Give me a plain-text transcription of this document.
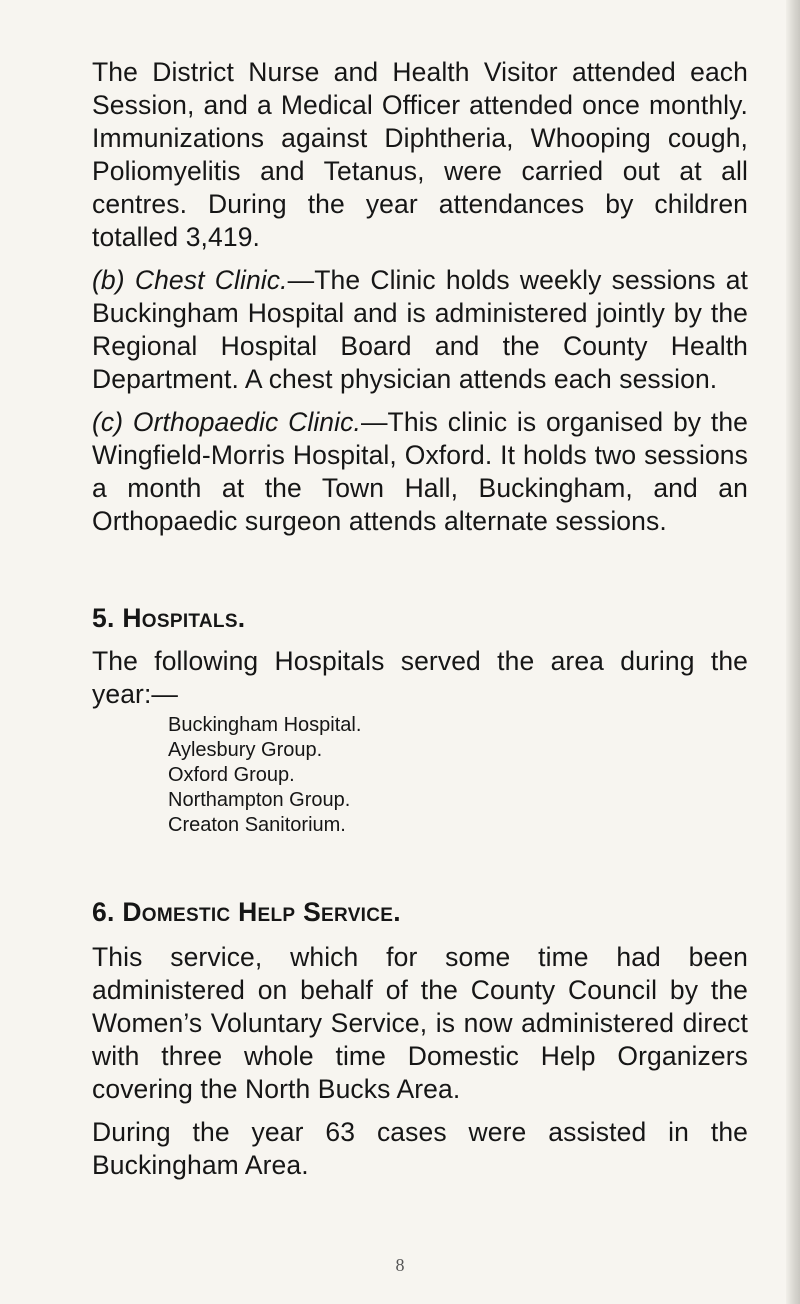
The District Nurse and Health Visitor attended each Session, and a Medical Officer attended once monthly. Immunizations against Diphtheria, Whooping cough, Poliomyelitis and Tetanus, were carried out at all centres. During the year attendances by children totalled 3,419.

(b) Chest Clinic.—The Clinic holds weekly sessions at Buckingham Hospital and is administered jointly by the Regional Hospital Board and the County Health Department. A chest physician attends each session.

(c) Orthopaedic Clinic.—This clinic is organised by the Wingfield-Morris Hospital, Oxford. It holds two sessions a month at the Town Hall, Buckingham, and an Orthopaedic surgeon attends alternate sessions.

5. Hospitals.

The following Hospitals served the area during the year:—

Buckingham Hospital.
Aylesbury Group.
Oxford Group.
Northampton Group.
Creaton Sanitorium.
6. Domestic Help Service.

This service, which for some time had been administered on behalf of the County Council by the Women’s Voluntary Service, is now administered direct with three whole time Domestic Help Organizers covering the North Bucks Area.

During the year 63 cases were assisted in the Buckingham Area.

8
